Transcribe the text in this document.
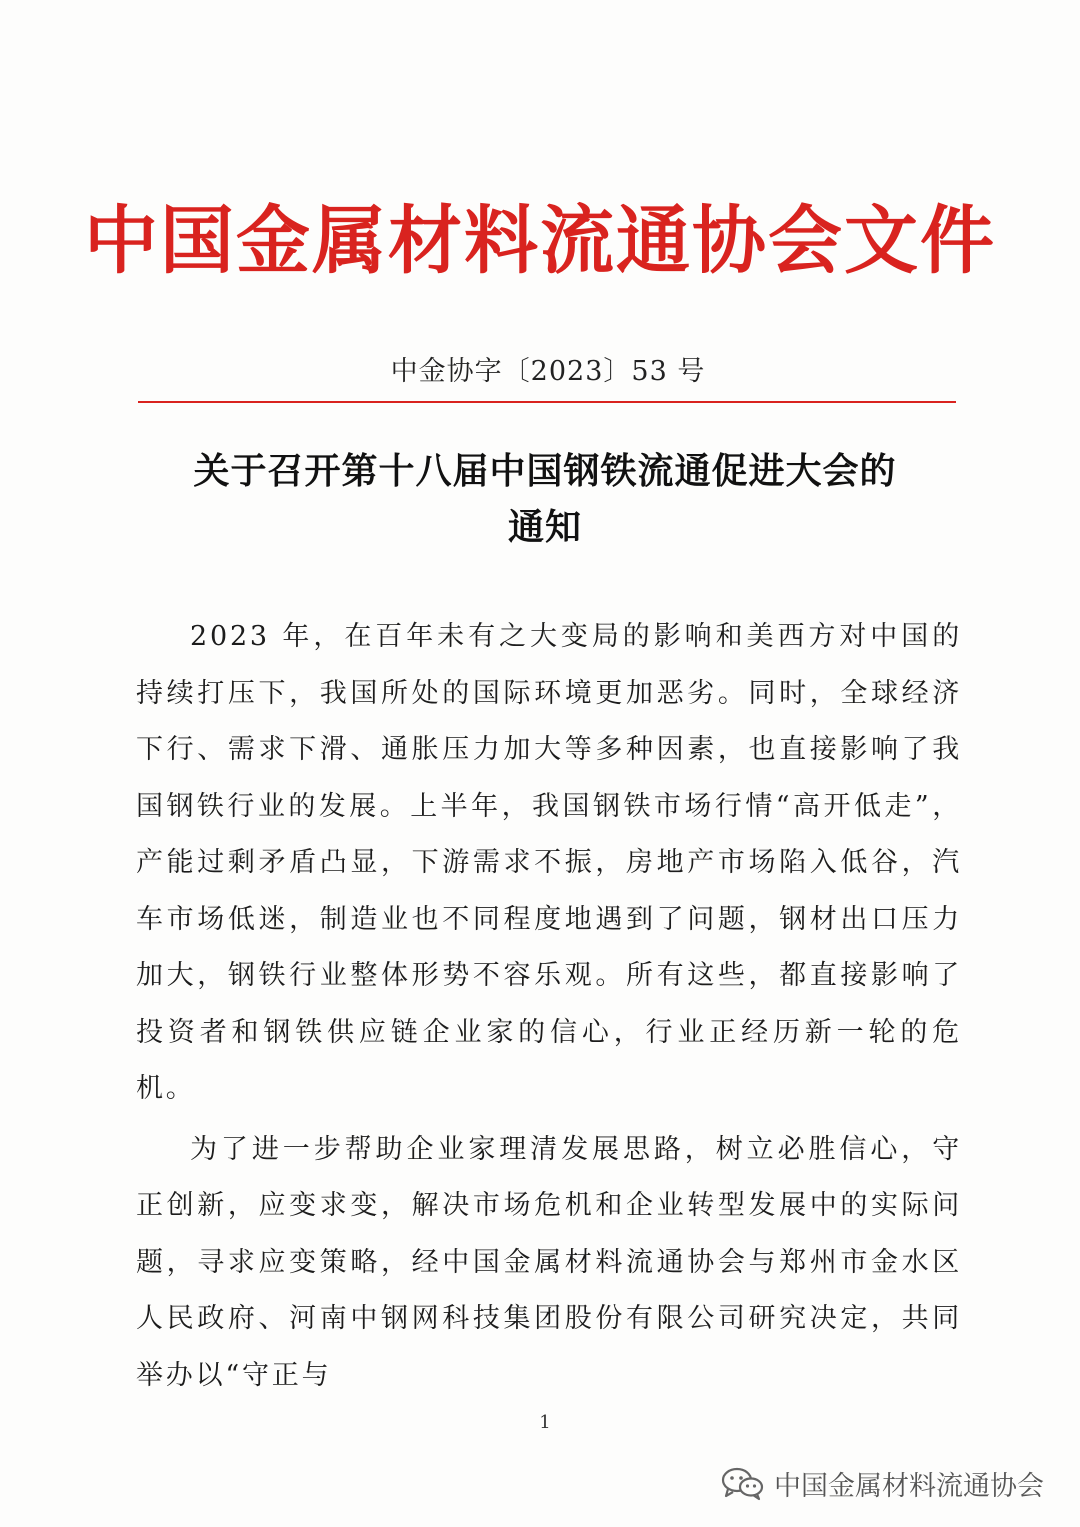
中国金属材料流通协会文件
中金协字〔2023〕53 号
关于召开第十八届中国钢铁流通促进大会的
通知

2023 年，在百年未有之大变局的影响和美西方对中国的持续打压下，我国所处的国际环境更加恶劣。同时，全球经济下行、需求下滑、通胀压力加大等多种因素，也直接影响了我国钢铁行业的发展。上半年，我国钢铁市场行情“高开低走”，产能过剩矛盾凸显，下游需求不振，房地产市场陷入低谷，汽车市场低迷，制造业也不同程度地遇到了问题，钢材出口压力加大，钢铁行业整体形势不容乐观。所有这些，都直接影响了投资者和钢铁供应链企业家的信心，行业正经历新一轮的危机。

为了进一步帮助企业家理清发展思路，树立必胜信心，守正创新，应变求变，解决市场危机和企业转型发展中的实际问题，寻求应变策略，经中国金属材料流通协会与郑州市金水区人民政府、河南中钢网科技集团股份有限公司研究决定，共同举办以“守正与

1
中国金属材料流通协会
